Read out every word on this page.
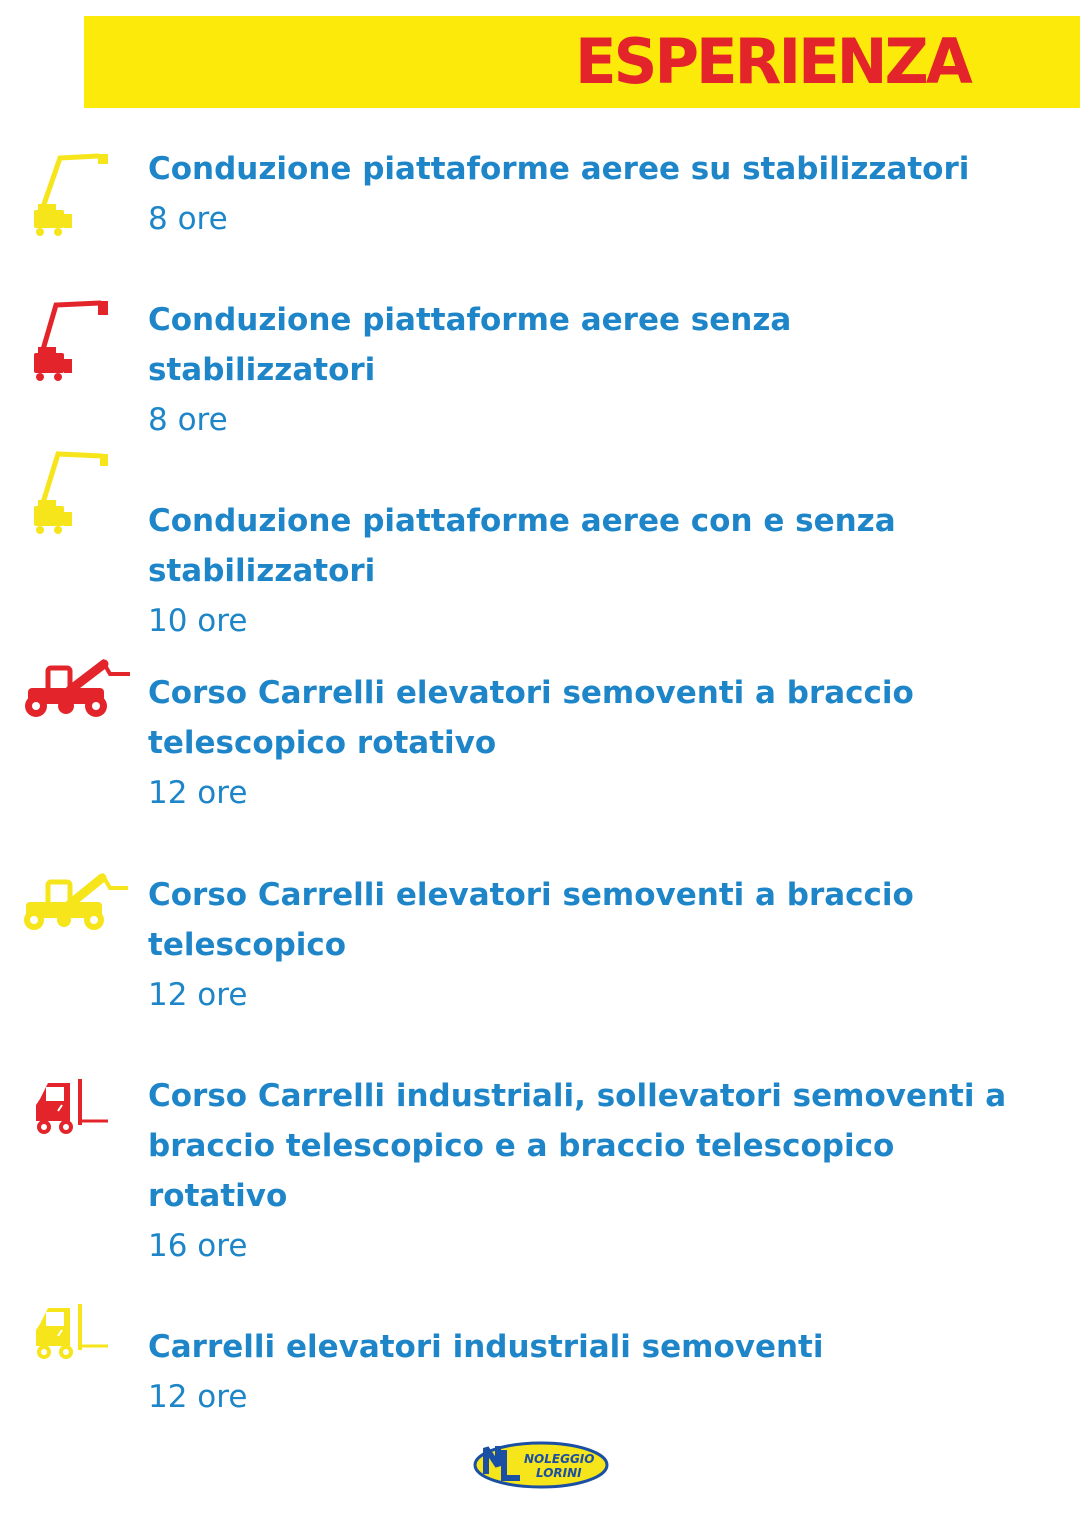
ESPERIENZA

Conduzione piattaforme aeree su stabilizzatori

8 ore

Conduzione piattaforme aeree senza stabilizzatori

8 ore

Conduzione piattaforme aeree con e senza stabilizzatori

10 ore

Corso Carrelli elevatori semoventi a braccio telescopico rotativo

12 ore

Corso Carrelli elevatori semoventi a braccio telescopico

12 ore

Corso Carrelli industriali, sollevatori semoventi a braccio telescopico e a braccio telescopico rotativo

16 ore

Carrelli elevatori industriali semoventi

12 ore

NOLEGGIO
LORINI
